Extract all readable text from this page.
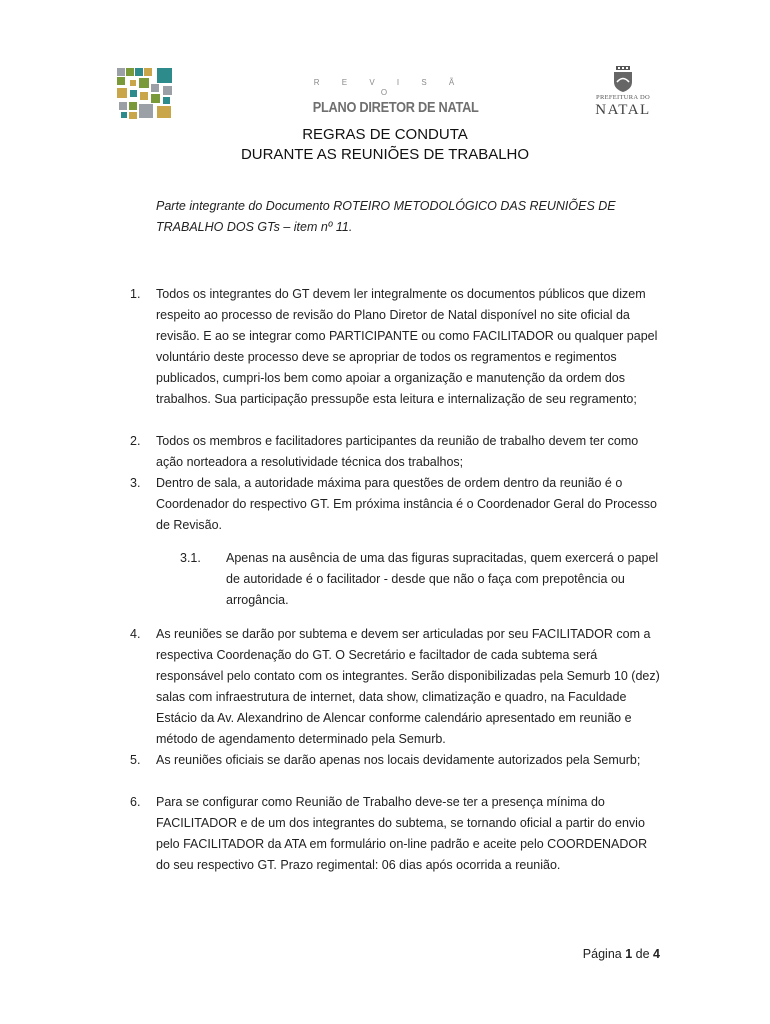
R E V I S Ã O
PLANO DIRETOR DE NATAL
PREFEITURA DO
NATAL
REGRAS DE CONDUTA
DURANTE AS REUNIÕES DE TRABALHO
Parte integrante do Documento ROTEIRO METODOLÓGICO DAS REUNIÕES DE TRABALHO DOS GTs – item nº 11.
1.	Todos os integrantes do GT devem ler integralmente os documentos públicos que dizem respeito ao processo de revisão do Plano Diretor de Natal disponível no site oficial da revisão. E ao se integrar como PARTICIPANTE ou como FACILITADOR ou qualquer papel voluntário deste processo deve se apropriar de todos os regramentos e regimentos publicados, cumpri-los bem como apoiar a organização e manutenção da ordem dos trabalhos. Sua participação pressupõe esta leitura e internalização de seu regramento;
2.	Todos os membros e facilitadores participantes da reunião de trabalho devem ter como ação norteadora a resolutividade técnica dos trabalhos;
3.	Dentro de sala, a autoridade máxima para questões de ordem dentro da reunião é o Coordenador do respectivo GT. Em próxima instância é o Coordenador Geral do Processo de Revisão.
3.1. Apenas na ausência de uma das figuras supracitadas, quem exercerá o papel de autoridade é o facilitador - desde que não o faça com prepotência ou arrogância.
4.	As reuniões se darão por subtema e devem ser articuladas por seu FACILITADOR com a respectiva Coordenação do GT. O Secretário e faciltador de cada subtema será responsável pelo contato com os integrantes. Serão disponibilizadas pela Semurb 10 (dez) salas com infraestrutura de internet, data show, climatização e quadro, na Faculdade Estácio da Av. Alexandrino de Alencar conforme calendário apresentado em reunião e método de agendamento determinado pela Semurb.
5.	As reuniões oficiais se darão apenas nos locais devidamente autorizados pela Semurb;
6.	Para se configurar como Reunião de Trabalho deve-se ter a presença mínima do FACILITADOR e de um dos integrantes do subtema, se tornando oficial a partir do envio pelo FACILITADOR da ATA em formulário on-line padrão e aceite pelo COORDENADOR do seu respectivo GT. Prazo regimental: 06 dias após ocorrida a reunião.
Página 1 de 4
